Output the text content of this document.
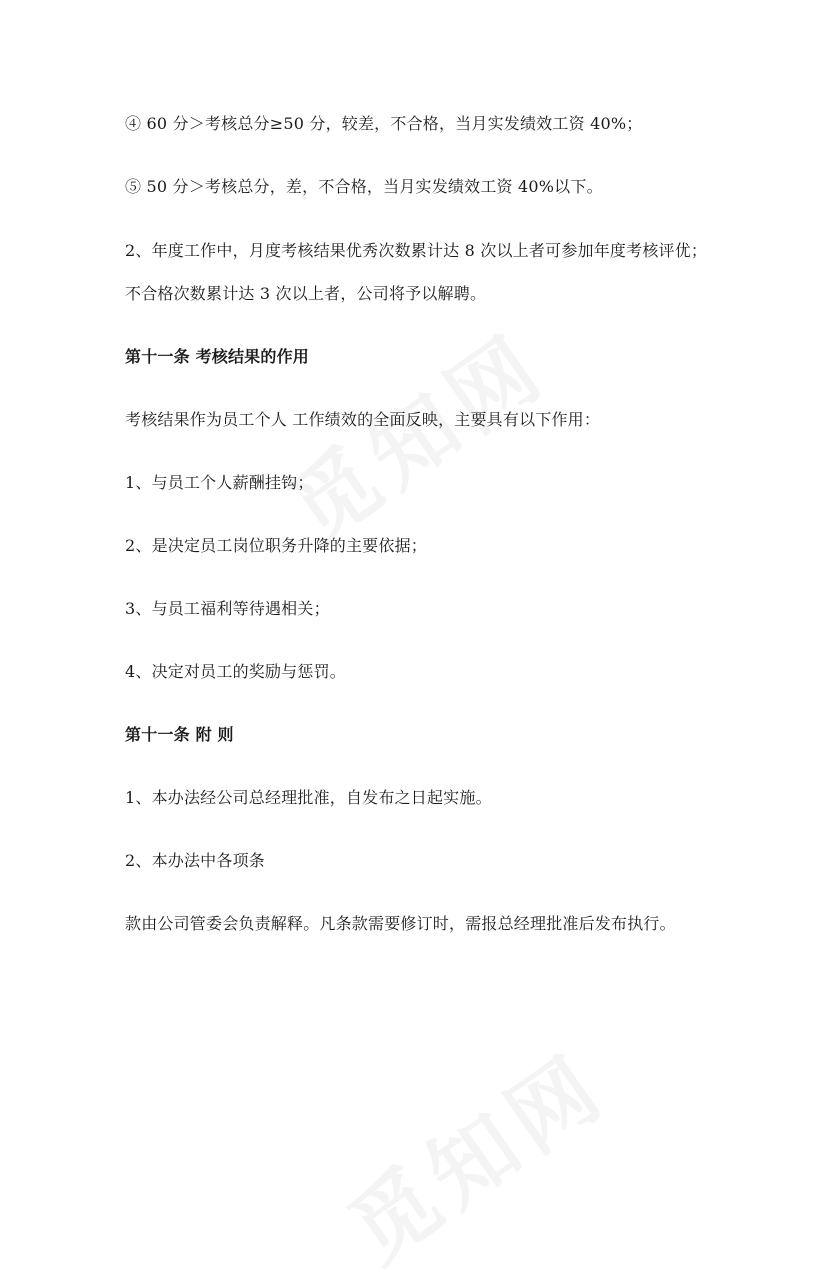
④ 60 分＞考核总分≥50 分，较差，不合格，当月实发绩效工资 40%；
⑤ 50 分＞考核总分，差，不合格，当月实发绩效工资 40%以下。
2、年度工作中，月度考核结果优秀次数累计达 8 次以上者可参加年度考核评优；
不合格次数累计达 3 次以上者，公司将予以解聘。
第十一条 考核结果的作用
考核结果作为员工个人 工作绩效的全面反映，主要具有以下作用：
1、与员工个人薪酬挂钩；
2、是决定员工岗位职务升降的主要依据；
3、与员工福利等待遇相关；
4、决定对员工的奖励与惩罚。
第十一条 附 则
1、本办法经公司总经理批准，自发布之日起实施。
2、本办法中各项条
款由公司管委会负责解释。凡条款需要修订时，需报总经理批准后发布执行。
